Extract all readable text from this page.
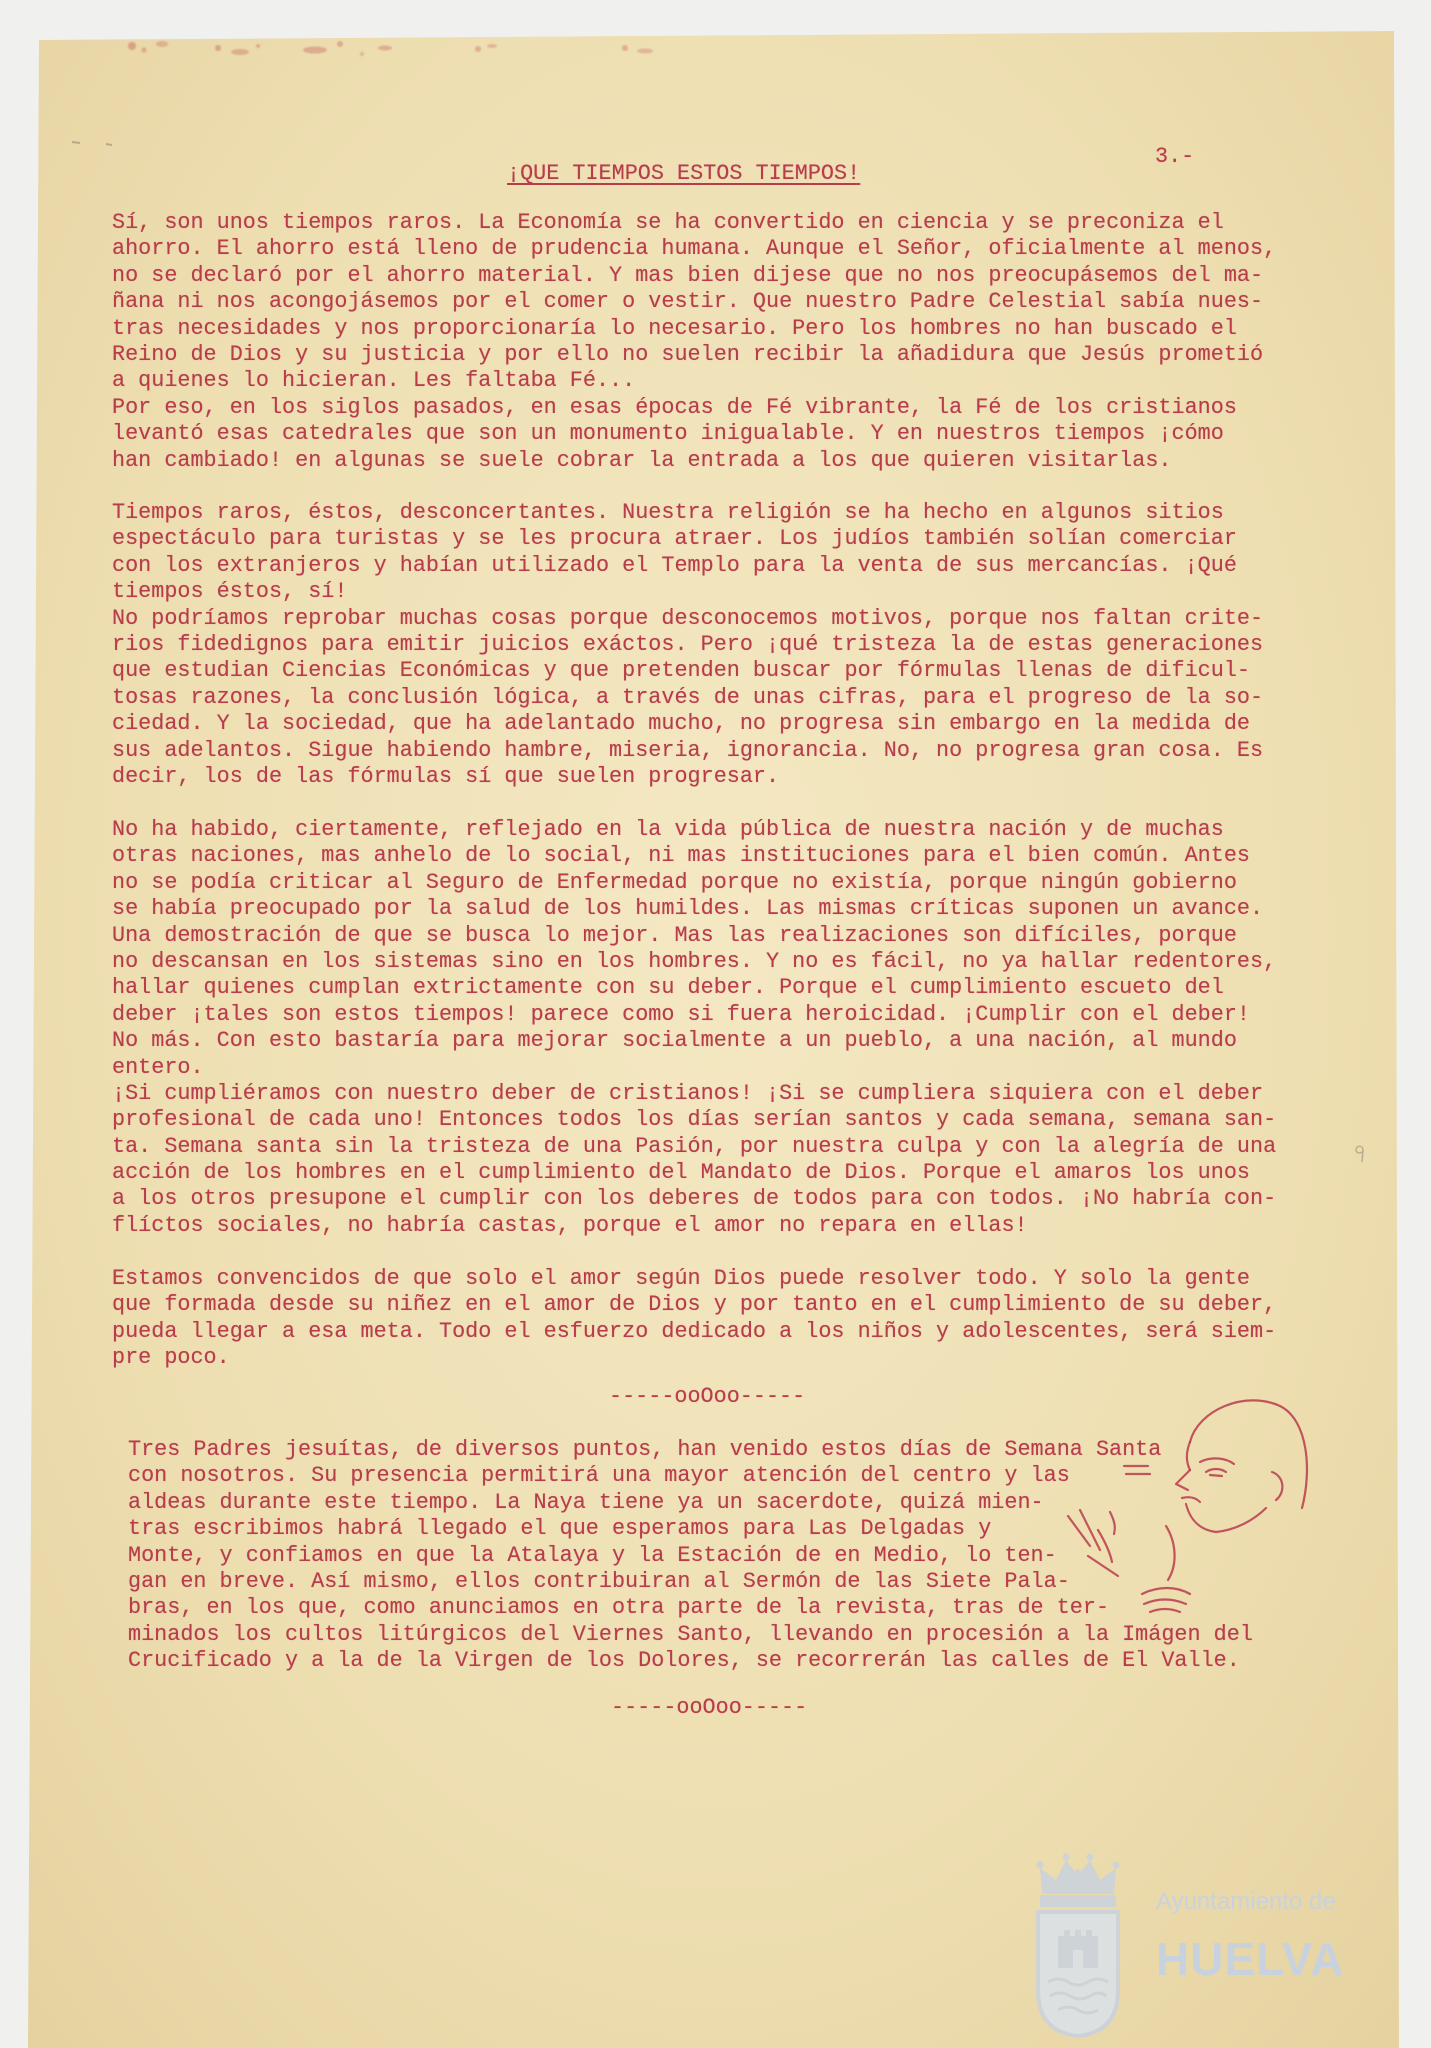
¡QUE TIEMPOS ESTOS TIEMPOS!
3.-
Sí, son unos tiempos raros. La Economía se ha convertido en ciencia y se preconiza el
ahorro. El ahorro está lleno de prudencia humana. Aunque el Señor, oficialmente al menos,
no se declaró por el ahorro material. Y mas bien dijese que no nos preocupásemos del ma-
ñana ni nos acongojásemos por el comer o vestir. Que nuestro Padre Celestial sabía nues-
tras necesidades y nos proporcionaría lo necesario. Pero los hombres no han buscado el
Reino de Dios y su justicia y por ello no suelen recibir la añadidura que Jesús prometió
a quienes lo hicieran. Les faltaba Fé...
Por eso, en los siglos pasados, en esas épocas de Fé vibrante, la Fé de los cristianos
levantó esas catedrales que son un monumento inigualable. Y en nuestros tiempos ¡cómo
han cambiado! en algunas se suele cobrar la entrada a los que quieren visitarlas.
Tiempos raros, éstos, desconcertantes. Nuestra religión se ha hecho en algunos sitios
espectáculo para turistas y se les procura atraer. Los judíos también solían comerciar
con los extranjeros y habían utilizado el Templo para la venta de sus mercancías. ¡Qué
tiempos éstos, sí!
No podríamos reprobar muchas cosas porque desconocemos motivos, porque nos faltan crite-
rios fidedignos para emitir juicios exáctos. Pero ¡qué tristeza la de estas generaciones
que estudian Ciencias Económicas y que pretenden buscar por fórmulas llenas de dificul-
tosas razones, la conclusión lógica, a través de unas cifras, para el progreso de la so-
ciedad. Y la sociedad, que ha adelantado mucho, no progresa sin embargo en la medida de
sus adelantos. Sigue habiendo hambre, miseria, ignorancia. No, no progresa gran cosa. Es
decir, los de las fórmulas sí que suelen progresar.
No ha habido, ciertamente, reflejado en la vida pública de nuestra nación y de muchas
otras naciones, mas anhelo de lo social, ni mas instituciones para el bien común. Antes
no se podía criticar al Seguro de Enfermedad porque no existía, porque ningún gobierno
se había preocupado por la salud de los humildes. Las mismas críticas suponen un avance.
Una demostración de que se busca lo mejor. Mas las realizaciones son difíciles, porque
no descansan en los sistemas sino en los hombres. Y no es fácil, no ya hallar redentores,
hallar quienes cumplan extrictamente con su deber. Porque el cumplimiento escueto del
deber ¡tales son estos tiempos! parece como si fuera heroicidad. ¡Cumplir con el deber!
No más. Con esto bastaría para mejorar socialmente a un pueblo, a una nación, al mundo
entero.
¡Si cumpliéramos con nuestro deber de cristianos! ¡Si se cumpliera siquiera con el deber
profesional de cada uno! Entonces todos los días serían santos y cada semana, semana san-
ta. Semana santa sin la tristeza de una Pasión, por nuestra culpa y con la alegría de una
acción de los hombres en el cumplimiento del Mandato de Dios. Porque el amaros los unos
a los otros presupone el cumplir con los deberes de todos para con todos. ¡No habría con-
flíctos sociales, no habría castas, porque el amor no repara en ellas!
Estamos convencidos de que solo el amor según Dios puede resolver todo. Y solo la gente
que formada desde su niñez en el amor de Dios y por tanto en el cumplimiento de su deber,
pueda llegar a esa meta. Todo el esfuerzo dedicado a los niños y adolescentes, será siem-
pre poco.
-----ooOoo-----
Tres Padres jesuítas, de diversos puntos, han venido estos días de Semana Santa
con nosotros. Su presencia permitirá una mayor atención del centro y las
aldeas durante este tiempo. La Naya tiene ya un sacerdote, quizá mien-
tras escribimos habrá llegado el que esperamos para Las Delgadas y
Monte, y confiamos en que la Atalaya y la Estación de en Medio, lo ten-
gan en breve. Así mismo, ellos contribuiran al Sermón de las Siete Pala-
bras, en los que, como anunciamos en otra parte de la revista, tras de ter-
minados los cultos litúrgicos del Viernes Santo, llevando en procesión a la Imágen del
Crucificado y a la de la Virgen de los Dolores, se recorrerán las calles de El Valle.
-----ooOoo-----
Ayuntamiento de
HUELVA
